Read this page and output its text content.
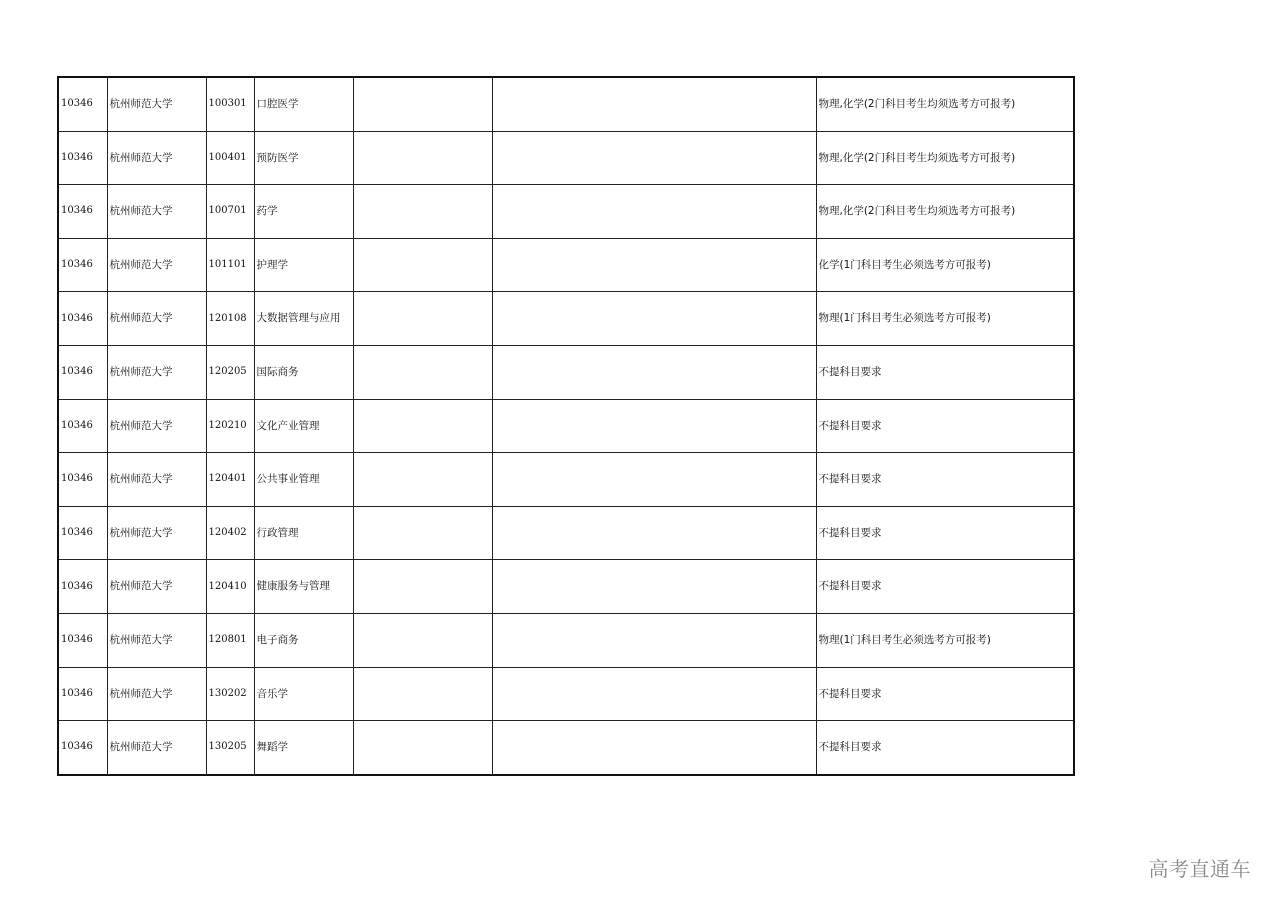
10346	杭州师范大学	100301	口腔医学			物理,化学(2门科目考生均须选考方可报考)
10346	杭州师范大学	100401	预防医学			物理,化学(2门科目考生均须选考方可报考)
10346	杭州师范大学	100701	药学			物理,化学(2门科目考生均须选考方可报考)
10346	杭州师范大学	101101	护理学			化学(1门科目考生必须选考方可报考)
10346	杭州师范大学	120108	大数据管理与应用			物理(1门科目考生必须选考方可报考)
10346	杭州师范大学	120205	国际商务			不提科目要求
10346	杭州师范大学	120210	文化产业管理			不提科目要求
10346	杭州师范大学	120401	公共事业管理			不提科目要求
10346	杭州师范大学	120402	行政管理			不提科目要求
10346	杭州师范大学	120410	健康服务与管理			不提科目要求
10346	杭州师范大学	120801	电子商务			物理(1门科目考生必须选考方可报考)
10346	杭州师范大学	130202	音乐学			不提科目要求
10346	杭州师范大学	130205	舞蹈学			不提科目要求
高考直通车
